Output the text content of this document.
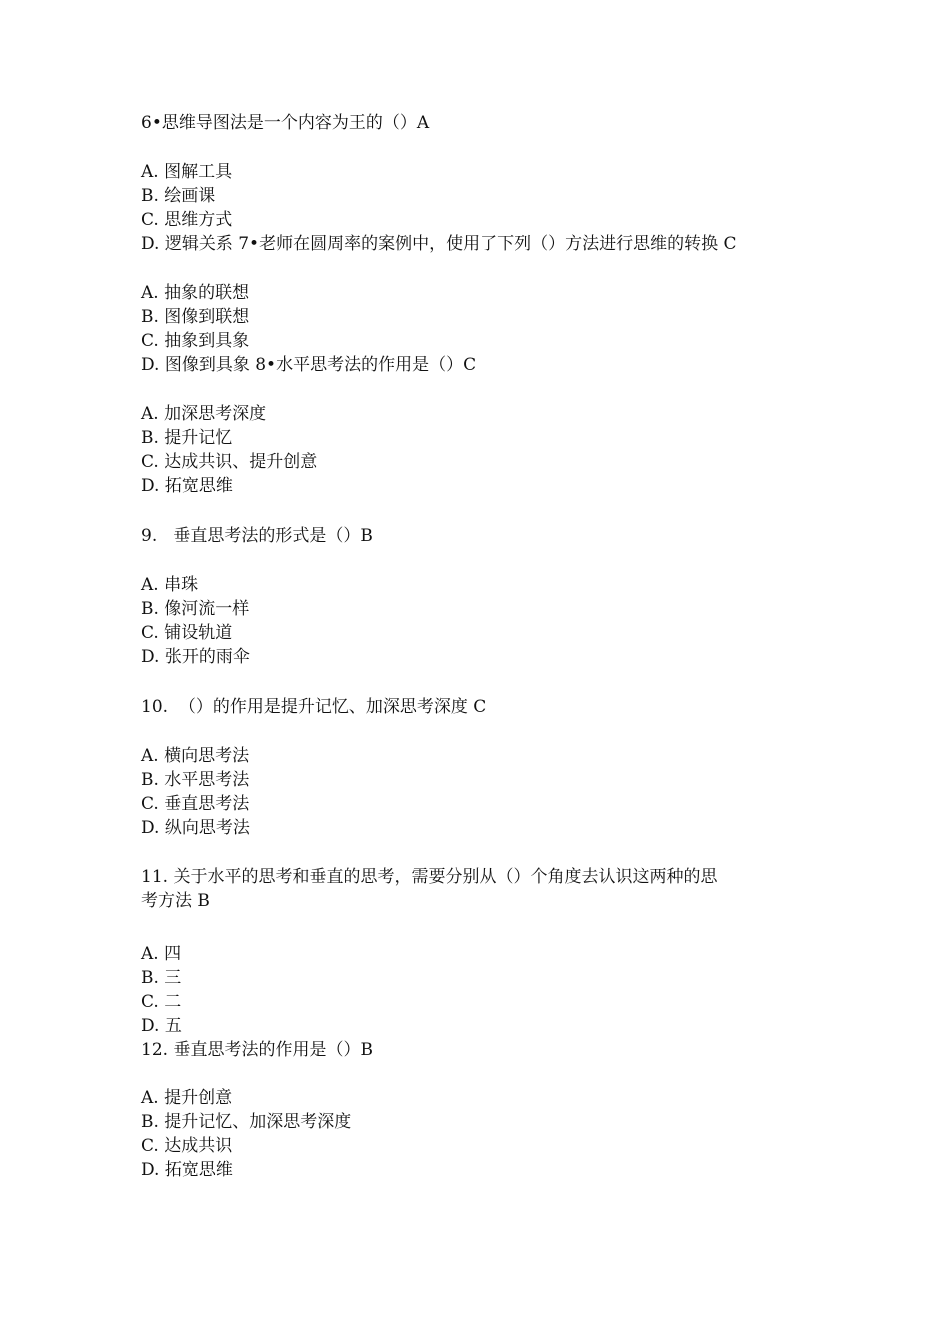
6•思维导图法是一个内容为王的（）A
A. 图解工具
B. 绘画课
C. 思维方式
D. 逻辑关系 7•老师在圆周率的案例中，使用了下列（）方法进行思维的转换 C
A. 抽象的联想
B. 图像到联想
C. 抽象到具象
D. 图像到具象 8•水平思考法的作用是（）C
A. 加深思考深度
B. 提升记忆
C. 达成共识、提升创意
D. 拓宽思维
9.   垂直思考法的形式是（）B
A. 串珠
B. 像河流一样
C. 铺设轨道
D. 张开的雨伞
10.  （）的作用是提升记忆、加深思考深度 C
A. 横向思考法
B. 水平思考法
C. 垂直思考法
D. 纵向思考法
11. 关于水平的思考和垂直的思考，需要分别从（）个角度去认识这两种的思
考方法 B
A. 四
B. 三
C. 二
D. 五
12. 垂直思考法的作用是（）B
A. 提升创意
B. 提升记忆、加深思考深度
C. 达成共识
D. 拓宽思维
